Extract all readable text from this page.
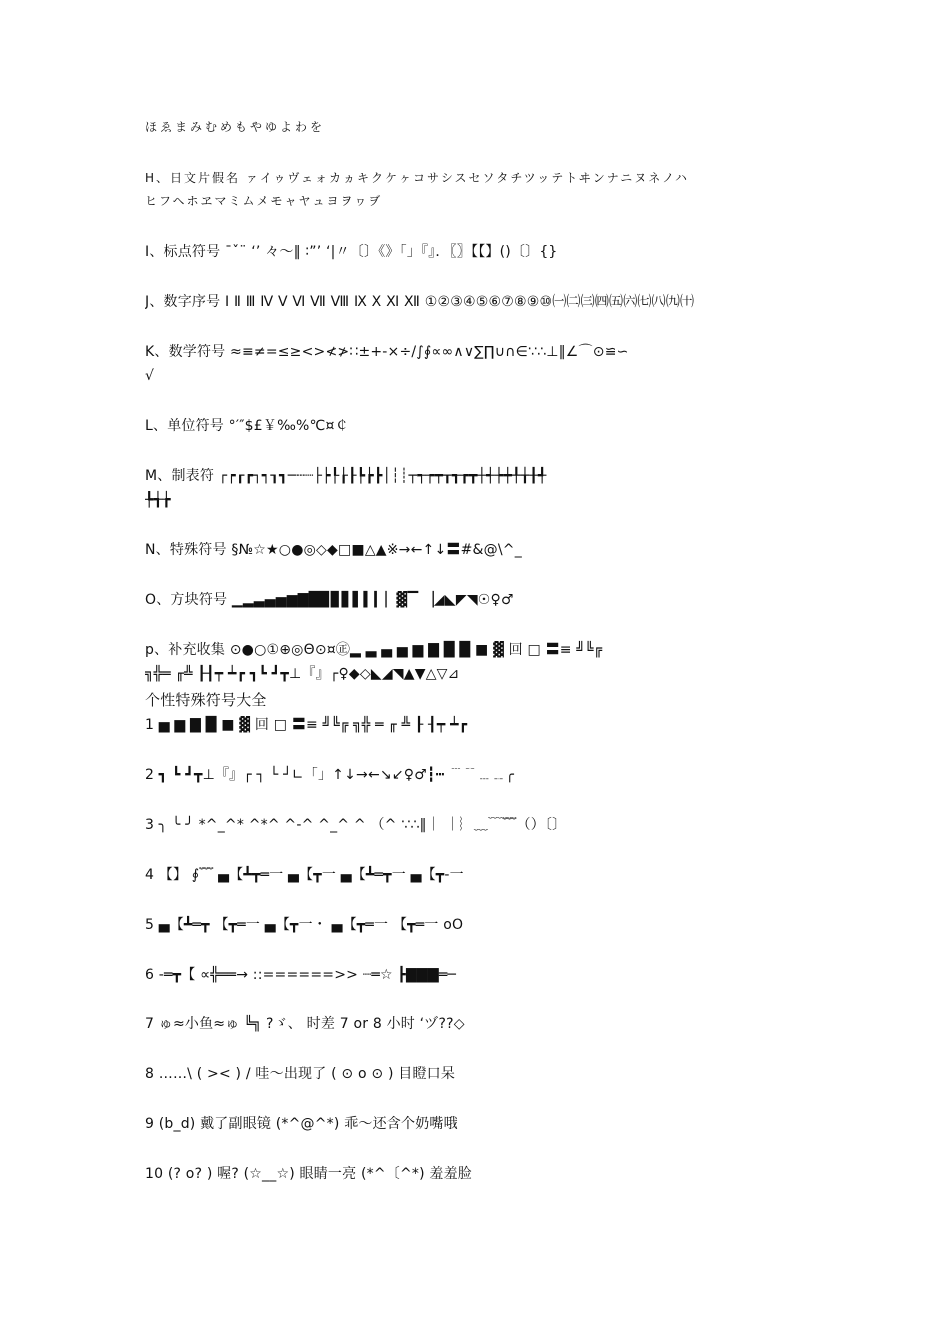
ほゑまみむめもやゆよわを
H、日文片假名 ァイゥヴェォカヵキクケヶコサシスセソタチツッテトヰンナニヌネノハ
ヒフヘホヱマミムメモャヤュヨヲヮヺ
I、标点符号 ¯ˇ¨ ‘’ 々～‖ ∶”’ ‘|〃〔〕《》「」『』．〖〗【【】()〔〕{}
J、数字序号 Ⅰ Ⅱ Ⅲ Ⅳ Ⅴ Ⅵ Ⅶ Ⅷ Ⅸ Ⅹ Ⅺ Ⅻ ①②③④⑤⑥⑦⑧⑨⑩㈠㈡㈢㈣㈤㈥㈦㈧㈨㈩
K、数学符号 ≈≡≠=≤≥<>≮≯∷±+-×÷/∫∮∝∞∧∨∑∏∪∩∈∵∴⊥‖∠⌒⊙≌∽
√
L、单位符号 °′″$£￥‰%℃¤￠
M、制表符 ┌┍┎┏┐┑┒┓─┄┈├┝┞┟┠┡┢┣│┆┊┬┭┮┯┰┱┲┳┼┽┾┿╀╁╂╃
╄╅╆
N、特殊符号 §№☆★○●◎◇◆□■△▲※→←↑↓〓#&@\^_
O、方块符号 ▁▂▃▄▅▆▇█▉▊▋▌▍▎▏▓▔ ▕◢◣◤◥☉♀♂
p、补充收集 ⊙●○①⊕◎Θ⊙¤㊣▂ ▃ ▄ ▅ ▆ ▇ █ █ ■ ▓ 回 □ 〓≡ ╝╚╔
╗╬═ ╓╩ ┠┨┯ ┷┏ ┓┗ ┛┳⊥『』┌♀◆◇◣◢◥▲▼△▽⊿
个性特殊符号大全
1 ▅ ▆ ▇ █ ■ ▓ 回 □ 〓≡ ╝╚╔ ╗╬ ═ ╓ ╩ ┠ ┨┯ ┷┏
2 ┓ ┗ ┛┳⊥『』┌ ┐ └ ┘∟「」↑↓→←↘↙♀♂┇┅ ﹉﹊﹍﹎╭
3 ╮ ╰ ╯ *^_^* ^*^ ^-^ ^_^ ^ （^ ∵∴‖｜ ｜︴﹏﹋﹌（）〔〕
4 【】 ∮﹌ ▄【┻┳═一 ▄【┳一 ▄【┻═┳一 ▄【┳-一
5 ▄【┻═┳ 【┳═一 ▄【┳一・ ▄【┳═一 【┳═一 oO
6 -═┳【 ∝╬══→ ::======>> ┈═☆ ┣▇▇▇═─
7 ゅ≈小鱼≈ゅ ╚╗ ?ゞ、 时差 7 or 8 小时 ‘ヅ??◇
8 ……\ ( >< ) / 哇～出现了 ( ⊙ o ⊙ ) 目瞪口呆
9 (b_d) 戴了副眼镜 (*^@^*) 乖～还含个奶嘴哦
10 (? o? ) 喔? (☆__☆) 眼睛一亮 (*^〔^*) 羞羞脸
